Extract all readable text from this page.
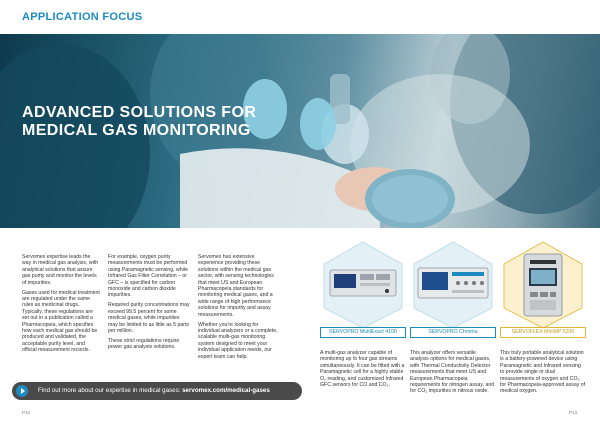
APPLICATION FOCUS
ADVANCED SOLUTIONS FOR
MEDICAL GAS MONITORING

Servomex expertise leads the way in medical gas analysis, with analytical solutions that assure gas purity and monitor the levels of impurities.

Gases used for medical treatment are regulated under the same rules as medicinal drugs. Typically, these regulations are set out in a publication called a Pharmacopeia, which specifies how each medical gas should be produced and validated, the acceptable purity level, and official measurement records.

For example, oxygen purity measurements must be performed using Paramagnetic sensing, while Infrared Gas Filter Correlation – or GFC – is specified for carbon monoxide and carbon dioxide impurities.

Required purity concentrations may exceed 99.5 percent for some medical gases, while impurities may be limited to as little as 5 parts per million.

These strict regulations require power gas analysis solutions.

Servomex has extensive experience providing these solutions within the medical gas sector, with sensing technologies that meet US and European Pharmacopeia standards for monitoring medical gases, and a wide range of high performance solutions for impurity and assay measurements.

Whether you're looking for individual analyzers or a complete, scalable multi-gas monitoring system designed to meet your individual application needs, our expert team can help.

SERVOPRO MultiExact 4100
A multi-gas analyzer capable of monitoring up to four gas streams simultaneously. It can be fitted with a Paramagnetic cell for a highly stable O₂ reading, and customized Infrared GFC sensors for CO and CO₂.
SERVOPRO Chroma
This analyzer offers versatile analysis options for medical gases, with Thermal Conductivity Detector measurements that meet US and European Pharmacopeia requirements for nitrogen assay, and for CO₂ impurities in nitrous oxide.
SERVOFLEX MiniMP 5200
This truly portable analytical solution is a battery-powered device using Paramagnetic and Infrared sensing to provide single or dual measurements of oxygen and CO₂ for Pharmacopeia-approved assay of medical oxygen.
Find out more about our expertise in medical gases: servomex.com/medical-gases
P12	P13
